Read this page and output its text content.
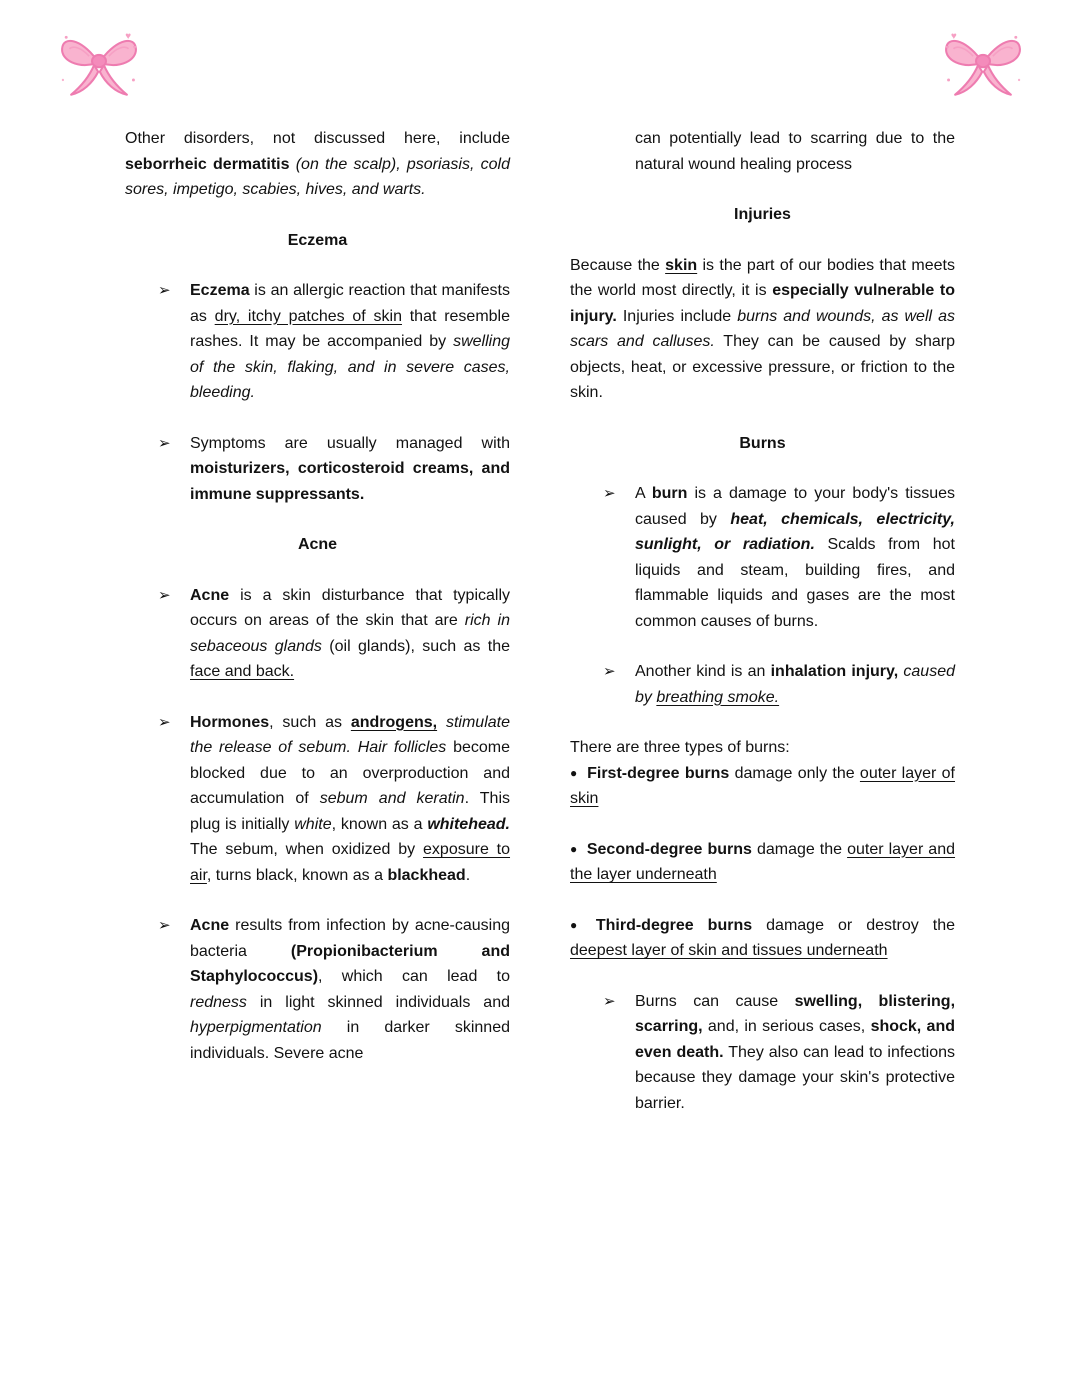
♥
♥
♥
♥
Other disorders, not discussed here, include seborrheic dermatitis (on the scalp), psoriasis, cold sores, impetigo, scabies, hives, and warts.
Eczema
➢ Eczema is an allergic reaction that manifests as dry, itchy patches of skin that resemble rashes. It may be accompanied by swelling of the skin, flaking, and in severe cases, bleeding.
➢ Symptoms are usually managed with moisturizers, corticosteroid creams, and immune suppressants.
Acne
➢ Acne is a skin disturbance that typically occurs on areas of the skin that are rich in sebaceous glands (oil glands), such as the face and back.
➢ Hormones, such as androgens, stimulate the release of sebum. Hair follicles become blocked due to an overproduction and accumulation of sebum and keratin. This plug is initially white, known as a whitehead. The sebum, when oxidized by exposure to air, turns black, known as a blackhead.
➢ Acne results from infection by acne-causing bacteria (Propionibacterium and Staphylococcus), which can lead to redness in light skinned individuals and hyperpigmentation in darker skinned individuals. Severe acne
can potentially lead to scarring due to the natural wound healing process
Injuries
Because the skin is the part of our bodies that meets the world most directly, it is especially vulnerable to injury. Injuries include burns and wounds, as well as scars and calluses. They can be caused by sharp objects, heat, or excessive pressure, or friction to the skin.
Burns
➢ A burn is a damage to your body's tissues caused by heat, chemicals, electricity, sunlight, or radiation. Scalds from hot liquids and steam, building fires, and flammable liquids and gases are the most common causes of burns.
➢ Another kind is an inhalation injury, caused by breathing smoke.
There are three types of burns:
● First-degree burns damage only the outer layer of skin
● Second-degree burns damage the outer layer and the layer underneath
● Third-degree burns damage or destroy the deepest layer of skin and tissues underneath
➢ Burns can cause swelling, blistering, scarring, and, in serious cases, shock, and even death. They also can lead to infections because they damage your skin's protective barrier.
